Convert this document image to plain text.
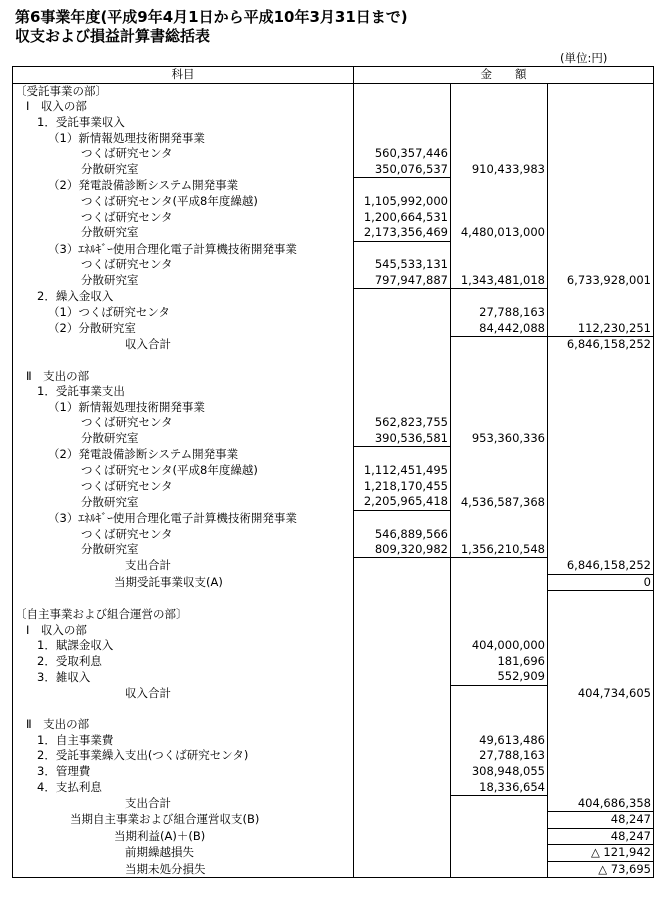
第6事業年度(平成9年4月1日から平成10年3月31日まで)
収支および損益計算書総括表
(単位:円)
科目	金　　額		
〔受託事業の部〕			
Ⅰ　収入の部			
1．受託事業収入			
（1）新情報処理技術開発事業			
つくば研究センタ	560,357,446		
分散研究室	350,076,537	910,433,983	
（2）発電設備診断システム開発事業			
つくば研究センタ(平成8年度繰越)	1,105,992,000		
つくば研究センタ	1,200,664,531		
分散研究室	2,173,356,469	4,480,013,000	
（3）ｴﾈﾙｷﾞｰ使用合理化電子計算機技術開発事業			
つくば研究センタ	545,533,131		
分散研究室	797,947,887	1,343,481,018	6,733,928,001
2．繰入金収入			
（1）つくば研究センタ		27,788,163	
（2）分散研究室		84,442,088	112,230,251
収入合計			6,846,158,252

Ⅱ　支出の部			
1．受託事業支出			
（1）新情報処理技術開発事業			
つくば研究センタ	562,823,755		
分散研究室	390,536,581	953,360,336	
（2）発電設備診断システム開発事業			
つくば研究センタ(平成8年度繰越)	1,112,451,495		
つくば研究センタ	1,218,170,455		
分散研究室	2,205,965,418	4,536,587,368	
（3）ｴﾈﾙｷﾞｰ使用合理化電子計算機技術開発事業			
つくば研究センタ	546,889,566		
分散研究室	809,320,982	1,356,210,548	
支出合計			6,846,158,252
当期受託事業収支(A)			0

〔自主事業および組合運営の部〕			
Ⅰ　収入の部			
1．賦課金収入		404,000,000	
2．受取利息		181,696	
3．雑収入		552,909	
収入合計			404,734,605

Ⅱ　支出の部			
1．自主事業費		49,613,486	
2．受託事業繰入支出(つくば研究センタ)		27,788,163	
3．管理費		308,948,055	
4．支払利息		18,336,654	
支出合計			404,686,358
当期自主事業および組合運営収支(B)			48,247
当期利益(A)＋(B)			48,247
前期繰越損失			△ 121,942
当期未処分損失			△ 73,695
